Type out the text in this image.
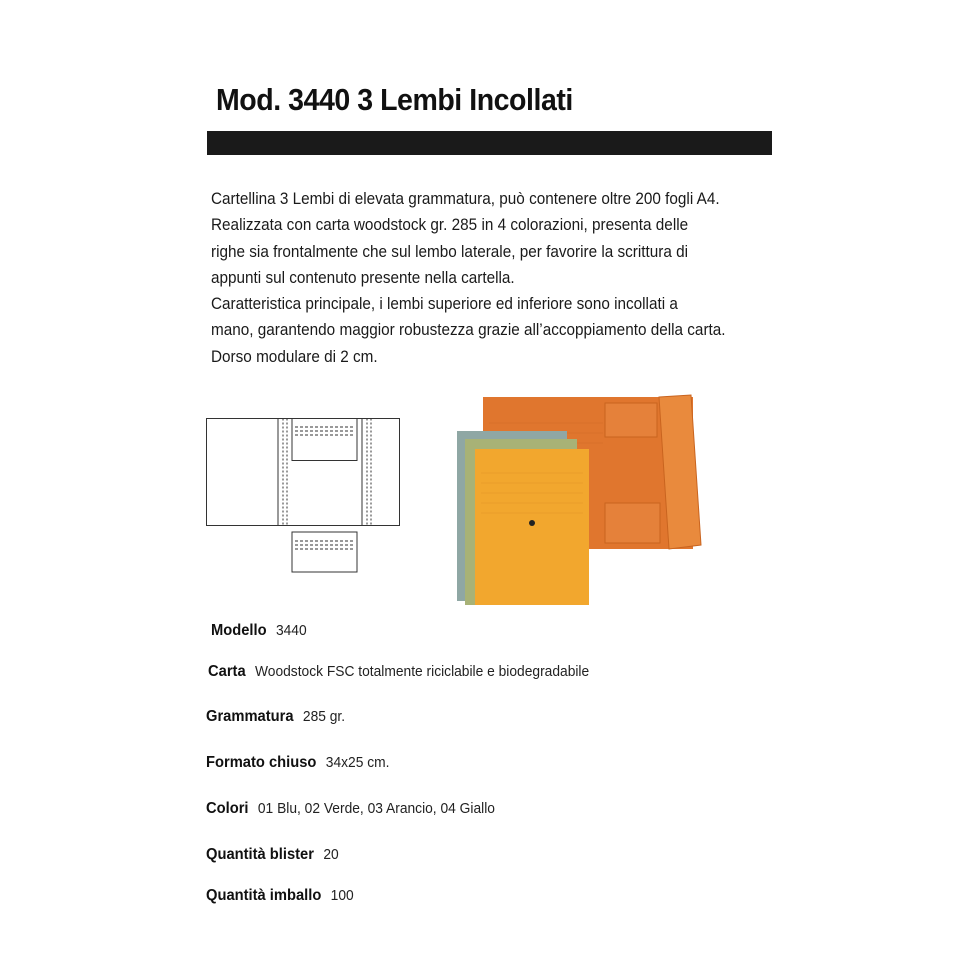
Mod. 3440 3 Lembi Incollati

Cartellina 3 Lembi di elevata grammatura, può contenere oltre 200 fogli A4.

Realizzata con carta woodstock gr. 285 in 4 colorazioni, presenta delle

righe sia frontalmente che sul lembo laterale, per favorire la scrittura di

appunti sul contenuto presente nella cartella.

Caratteristica principale, i lembi superiore ed inferiore sono incollati a

mano, garantendo maggior robustezza grazie all’accoppiamento della carta.

Dorso modulare di 2 cm.

Modello 3440
Carta Woodstock FSC totalmente riciclabile e biodegradabile
Grammatura 285 gr.
Formato chiuso 34x25 cm.
Colori 01 Blu, 02 Verde, 03 Arancio, 04 Giallo
Quantità blister 20
Quantità imballo 100
